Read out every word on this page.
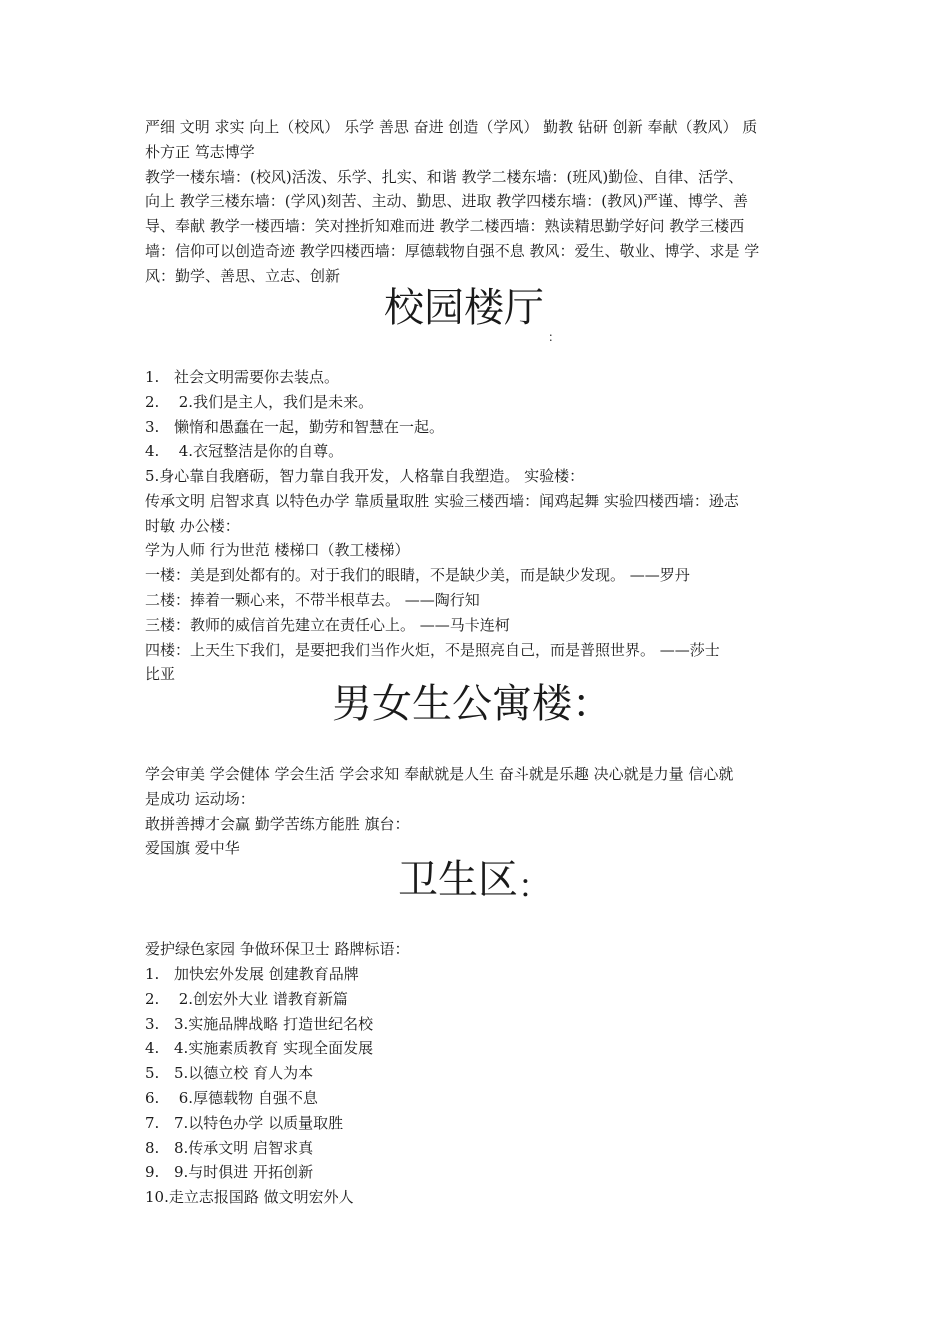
严细 文明 求实 向上（校风） 乐学 善思 奋进 创造（学风） 勤教 钻研 创新 奉献（教风） 质
朴方正 笃志博学
教学一楼东墙：(校风)活泼、乐学、扎实、和谐 教学二楼东墙：(班风)勤俭、自律、活学、
向上 教学三楼东墙：(学风)刻苦、主动、勤思、进取 教学四楼东墙：(教风)严谨、博学、善
导、奉献 教学一楼西墙：笑对挫折知难而进 教学二楼西墙：熟读精思勤学好问 教学三楼西
墙：信仰可以创造奇迹 教学四楼西墙：厚德载物自强不息 教风：爱生、敬业、博学、求是 学
风：勤学、善思、立志、创新
校园楼厅
：
1. 社会文明需要你去装点。
2. 2.我们是主人，我们是未来。
3. 懒惰和愚蠢在一起，勤劳和智慧在一起。
4. 4.衣冠整洁是你的自尊。
5.身心靠自我磨砺，智力靠自我开发，人格靠自我塑造。 实验楼：
传承文明 启智求真 以特色办学 靠质量取胜 实验三楼西墙：闻鸡起舞 实验四楼西墙：逊志
时敏 办公楼：
学为人师 行为世范 楼梯口（教工楼梯）
一楼：美是到处都有的。对于我们的眼睛，不是缺少美，而是缺少发现。 ——罗丹
二楼：捧着一颗心来，不带半根草去。 ——陶行知
三楼：教师的威信首先建立在责任心上。 ——马卡连柯
四楼：上天生下我们，是要把我们当作火炬，不是照亮自己，而是普照世界。 ——莎士
比亚
男女生公寓楼：
学会审美 学会健体 学会生活 学会求知 奉献就是人生 奋斗就是乐趣 决心就是力量 信心就
是成功 运动场：
敢拼善搏才会赢 勤学苦练方能胜 旗台：
爱国旗 爱中华
卫生区 ：
爱护绿色家园 争做环保卫士 路牌标语：
1. 加快宏外发展 创建教育品牌
2. 2.创宏外大业 谱教育新篇
3. 3.实施品牌战略 打造世纪名校
4. 4.实施素质教育 实现全面发展
5. 5.以德立校 育人为本
6. 6.厚德载物 自强不息
7. 7.以特色办学 以质量取胜
8. 8.传承文明 启智求真
9. 9.与时俱进 开拓创新
10.走立志报国路 做文明宏外人
